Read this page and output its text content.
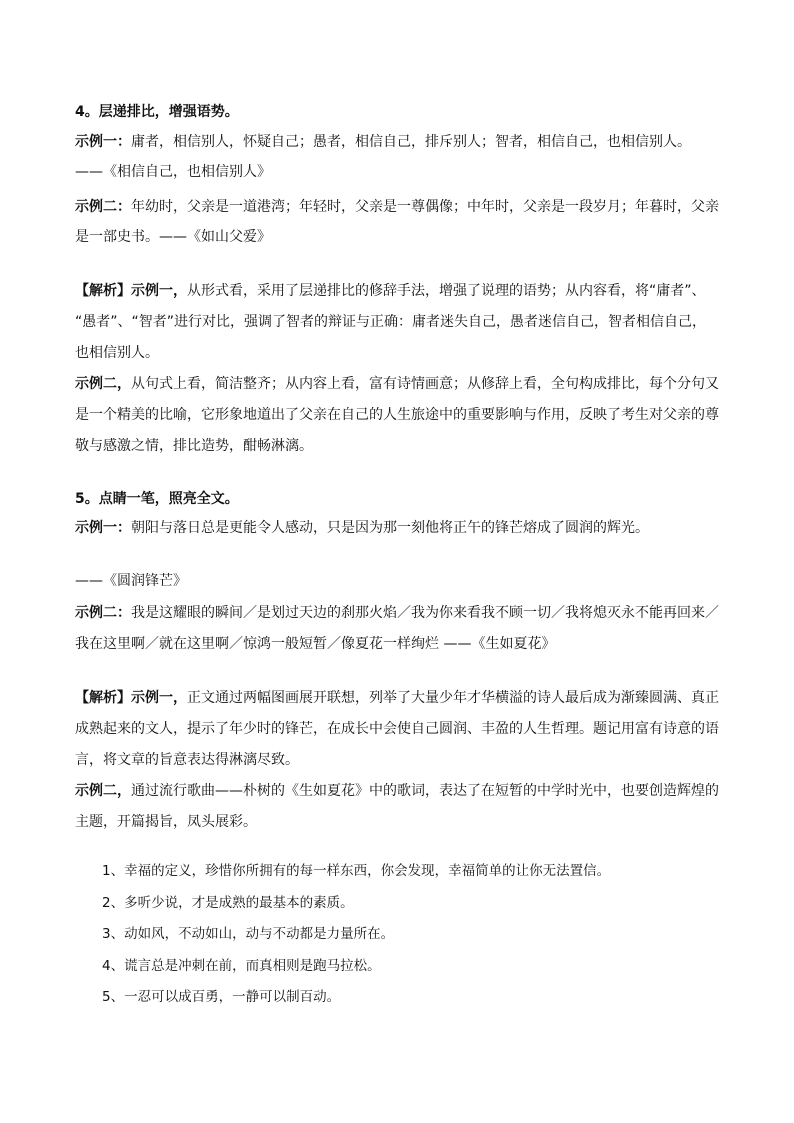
4。层递排比，增强语势。

示例一：庸者，相信别人，怀疑自己；愚者，相信自己，排斥别人；智者，相信自己，也相信别人。

——《相信自己，也相信别人》

示例二：年幼时，父亲是一道港湾；年轻时，父亲是一尊偶像；中年时，父亲是一段岁月；年暮时，父亲

是一部史书。——《如山父爱》

【解析】示例一，从形式看，采用了层递排比的修辞手法，增强了说理的语势；从内容看，将“庸者”、

“愚者”、“智者”进行对比，强调了智者的辩证与正确：庸者迷失自己，愚者迷信自己，智者相信自己，

也相信别人。

示例二，从句式上看，简洁整齐；从内容上看，富有诗情画意；从修辞上看，全句构成排比，每个分句又

是一个精美的比喻，它形象地道出了父亲在自己的人生旅途中的重要影响与作用，反映了考生对父亲的尊

敬与感激之情，排比造势，酣畅淋漓。

5。点睛一笔，照亮全文。

示例一：朝阳与落日总是更能令人感动，只是因为那一刻他将正午的锋芒熔成了圆润的辉光。

——《圆润锋芒》

示例二：我是这耀眼的瞬间／是划过天边的刹那火焰／我为你来看我不顾一切／我将熄灭永不能再回来／

我在这里啊／就在这里啊／惊鸿一般短暂／像夏花一样绚烂 ——《生如夏花》

【解析】示例一，正文通过两幅图画展开联想，列举了大量少年才华横溢的诗人最后成为渐臻圆满、真正

成熟起来的文人，提示了年少时的锋芒，在成长中会使自己圆润、丰盈的人生哲理。题记用富有诗意的语

言，将文章的旨意表达得淋漓尽致。

示例二，通过流行歌曲——朴树的《生如夏花》中的歌词，表达了在短暂的中学时光中，也要创造辉煌的

主题，开篇揭旨，凤头展彩。

1、幸福的定义，珍惜你所拥有的每一样东西，你会发现，幸福简单的让你无法置信。
2、多听少说，才是成熟的最基本的素质。
3、动如风，不动如山，动与不动都是力量所在。
4、谎言总是冲刺在前，而真相则是跑马拉松。
5、一忍可以成百勇，一静可以制百动。
